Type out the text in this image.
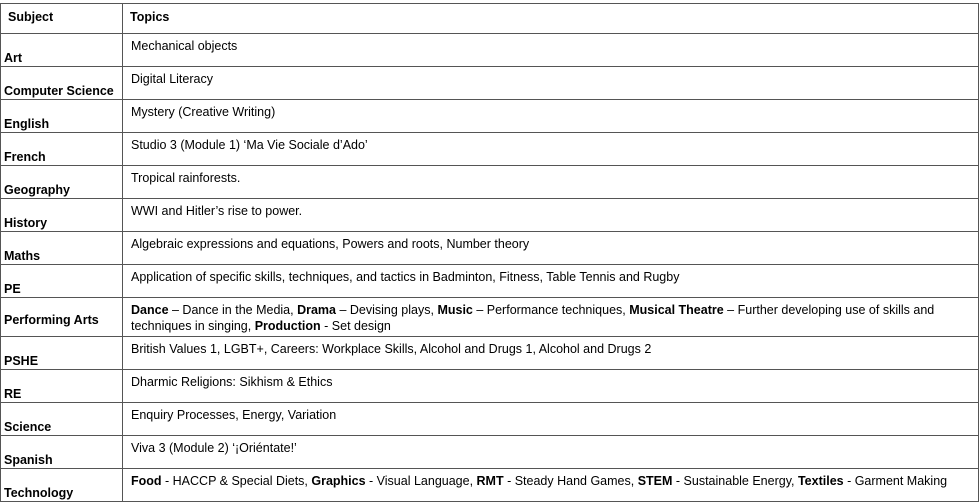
Subject	Topics

Art	Mechanical objects

Computer Science	Digital Literacy

English	Mystery (Creative Writing)

French	Studio 3 (Module 1) ‘Ma Vie Sociale d’Ado’

Geography	Tropical rainforests.

History	WWI and Hitler’s rise to power.

Maths	Algebraic expressions and equations, Powers and roots, Number theory

PE	Application of specific skills, techniques, and tactics in Badminton, Fitness, Table Tennis and Rugby

Performing Arts	Dance – Dance in the Media, Drama – Devising plays, Music – Performance techniques, Musical Theatre – Further developing use of skills and techniques in singing, Production - Set design

PSHE	British Values 1, LGBT+, Careers: Workplace Skills, Alcohol and Drugs 1, Alcohol and Drugs 2

RE	Dharmic Religions: Sikhism & Ethics

Science	Enquiry Processes, Energy, Variation

Spanish	Viva 3 (Module 2) ‘¡Oriéntate!’

Technology	Food - HACCP & Special Diets, Graphics - Visual Language, RMT - Steady Hand Games, STEM - Sustainable Energy, Textiles - Garment Making
